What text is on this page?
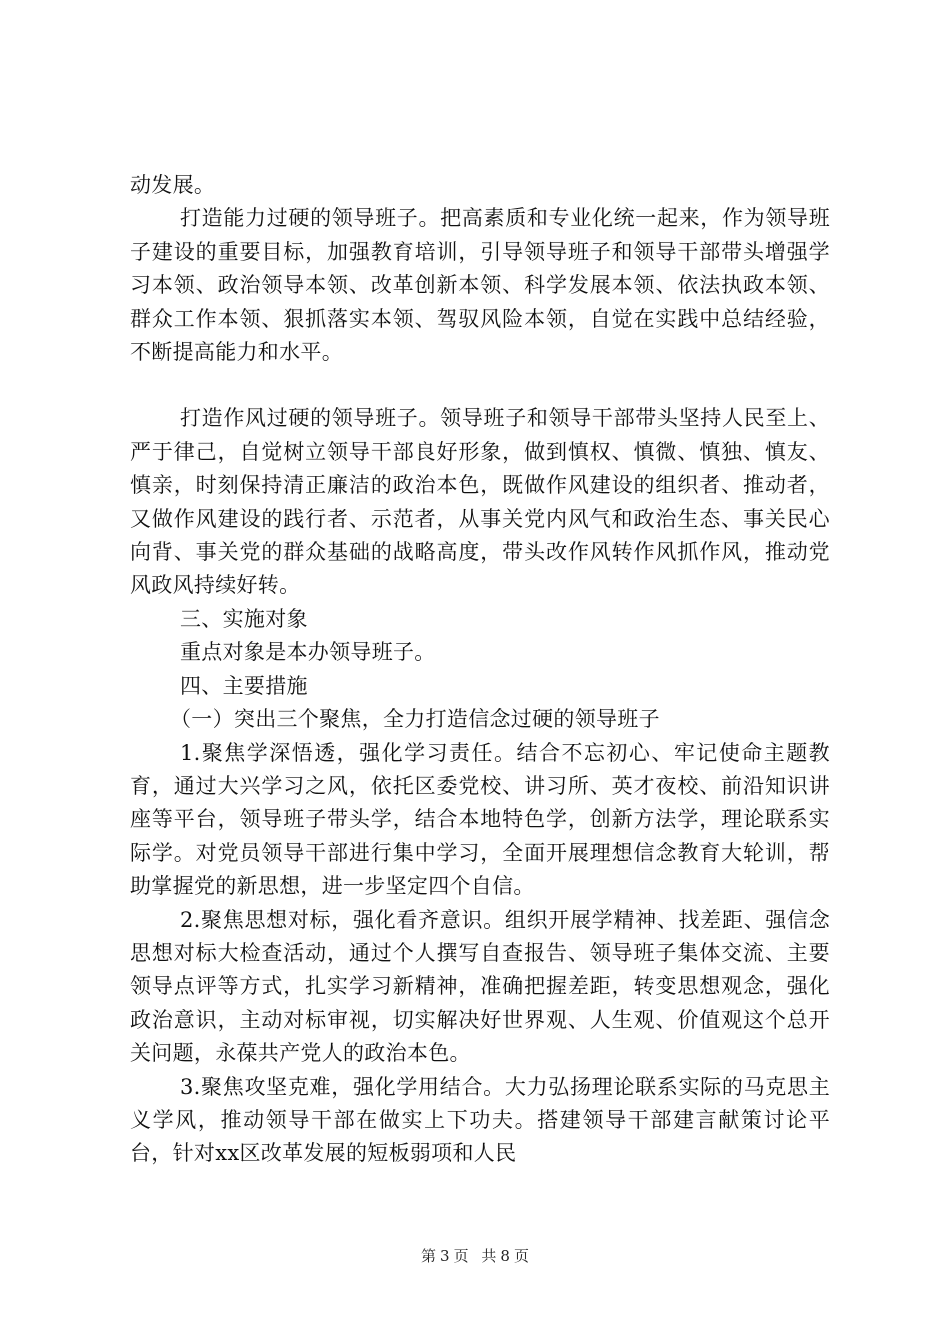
动发展。

打造能力过硬的领导班子。把高素质和专业化统一起来，作为领导班子建设的重要目标，加强教育培训，引导领导班子和领导干部带头增强学习本领、政治领导本领、改革创新本领、科学发展本领、依法执政本领、群众工作本领、狠抓落实本领、驾驭风险本领，自觉在实践中总结经验，不断提高能力和水平。

打造作风过硬的领导班子。领导班子和领导干部带头坚持人民至上、严于律己，自觉树立领导干部良好形象，做到慎权、慎微、慎独、慎友、慎亲，时刻保持清正廉洁的政治本色，既做作风建设的组织者、推动者，又做作风建设的践行者、示范者，从事关党内风气和政治生态、事关民心向背、事关党的群众基础的战略高度，带头改作风转作风抓作风，推动党风政风持续好转。

三、实施对象

重点对象是本办领导班子。

四、主要措施

（一）突出三个聚焦，全力打造信念过硬的领导班子

1.聚焦学深悟透，强化学习责任。结合不忘初心、牢记使命主题教育，通过大兴学习之风，依托区委党校、讲习所、英才夜校、前沿知识讲座等平台，领导班子带头学，结合本地特色学，创新方法学，理论联系实际学。对党员领导干部进行集中学习，全面开展理想信念教育大轮训，帮助掌握党的新思想，进一步坚定四个自信。

2.聚焦思想对标，强化看齐意识。组织开展学精神、找差距、强信念思想对标大检查活动，通过个人撰写自查报告、领导班子集体交流、主要领导点评等方式，扎实学习新精神，准确把握差距，转变思想观念，强化政治意识，主动对标审视，切实解决好世界观、人生观、价值观这个总开关问题，永葆共产党人的政治本色。

3.聚焦攻坚克难，强化学用结合。大力弘扬理论联系实际的马克思主义学风，推动领导干部在做实上下功夫。搭建领导干部建言献策讨论平台，针对xx区改革发展的短板弱项和人民

第 3 页 共 8 页
